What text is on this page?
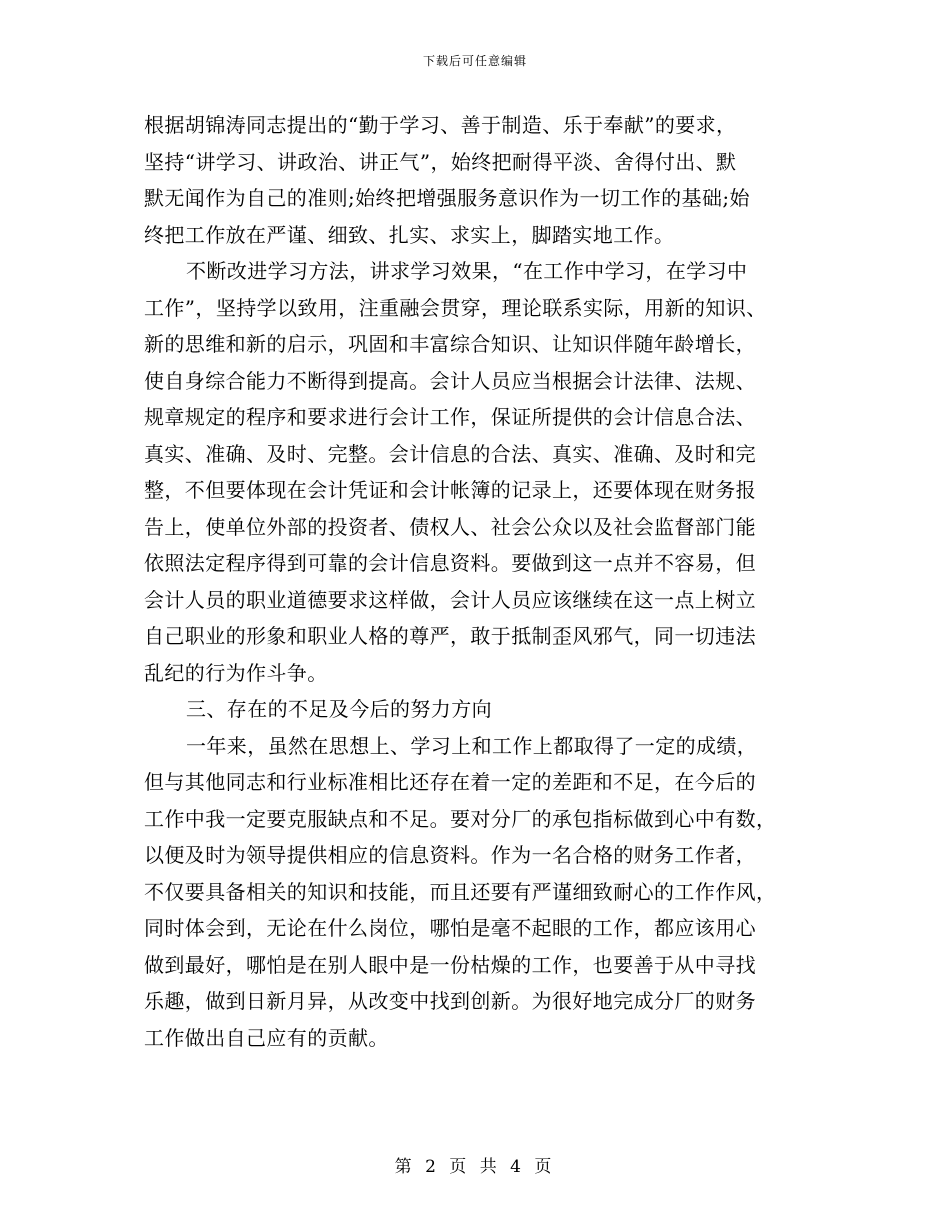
下载后可任意编辑
根据胡锦涛同志提出的“勤于学习、善于制造、乐于奉献”的要求，
坚持“讲学习、讲政治、讲正气”，始终把耐得平淡、舍得付出、默
默无闻作为自己的准则;始终把增强服务意识作为一切工作的基础;始
终把工作放在严谨、细致、扎实、求实上，脚踏实地工作。
不断改进学习方法，讲求学习效果，“在工作中学习，在学习中
工作”，坚持学以致用，注重融会贯穿，理论联系实际，用新的知识、
新的思维和新的启示，巩固和丰富综合知识、让知识伴随年龄增长，
使自身综合能力不断得到提高。会计人员应当根据会计法律、法规、
规章规定的程序和要求进行会计工作，保证所提供的会计信息合法、
真实、准确、及时、完整。会计信息的合法、真实、准确、及时和完
整，不但要体现在会计凭证和会计帐簿的记录上，还要体现在财务报
告上，使单位外部的投资者、债权人、社会公众以及社会监督部门能
依照法定程序得到可靠的会计信息资料。要做到这一点并不容易，但
会计人员的职业道德要求这样做，会计人员应该继续在这一点上树立
自己职业的形象和职业人格的尊严，敢于抵制歪风邪气，同一切违法
乱纪的行为作斗争。
三、存在的不足及今后的努力方向
一年来，虽然在思想上、学习上和工作上都取得了一定的成绩，
但与其他同志和行业标准相比还存在着一定的差距和不足，在今后的
工作中我一定要克服缺点和不足。要对分厂的承包指标做到心中有数，
以便及时为领导提供相应的信息资料。作为一名合格的财务工作者，
不仅要具备相关的知识和技能，而且还要有严谨细致耐心的工作作风，
同时体会到，无论在什么岗位，哪怕是毫不起眼的工作，都应该用心
做到最好，哪怕是在别人眼中是一份枯燥的工作，也要善于从中寻找
乐趣，做到日新月异，从改变中找到创新。为很好地完成分厂的财务
工作做出自己应有的贡献。
第 2 页 共 4 页
